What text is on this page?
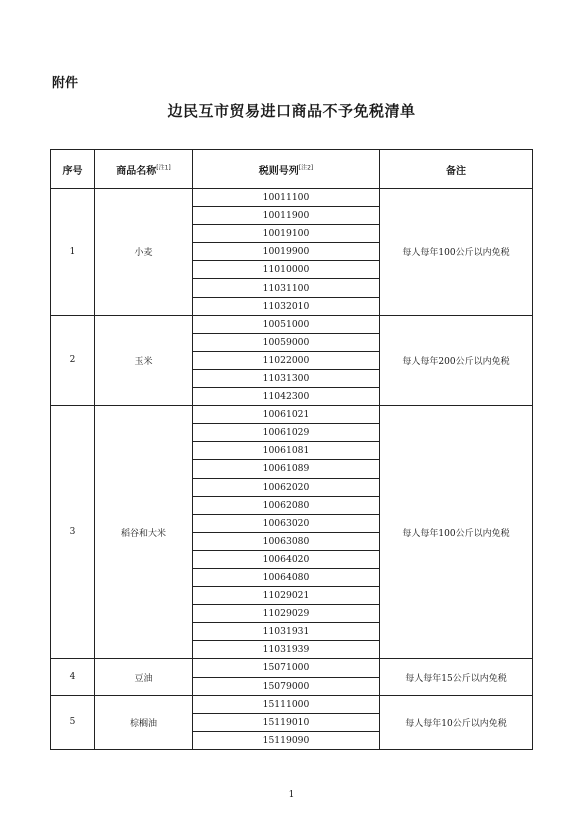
附件
边民互市贸易进口商品不予免税清单
序号	商品名称[注1]	税则号列[注2]	备注
1	小麦	10011100	每人每年100公斤以内免税
		10011900	
		10019100	
		10019900	
		11010000	
		11031100	
		11032010	
2	玉米	10051000	每人每年200公斤以内免税
		10059000	
		11022000	
		11031300	
		11042300	
3	稻谷和大米	10061021	每人每年100公斤以内免税
		10061029	
		10061081	
		10061089	
		10062020	
		10062080	
		10063020	
		10063080	
		10064020	
		10064080	
		11029021	
		11029029	
		11031931	
		11031939	
4	豆油	15071000	每人每年15公斤以内免税
		15079000	
5	棕榈油	15111000	每人每年10公斤以内免税
		15119010	
		15119090	
1
